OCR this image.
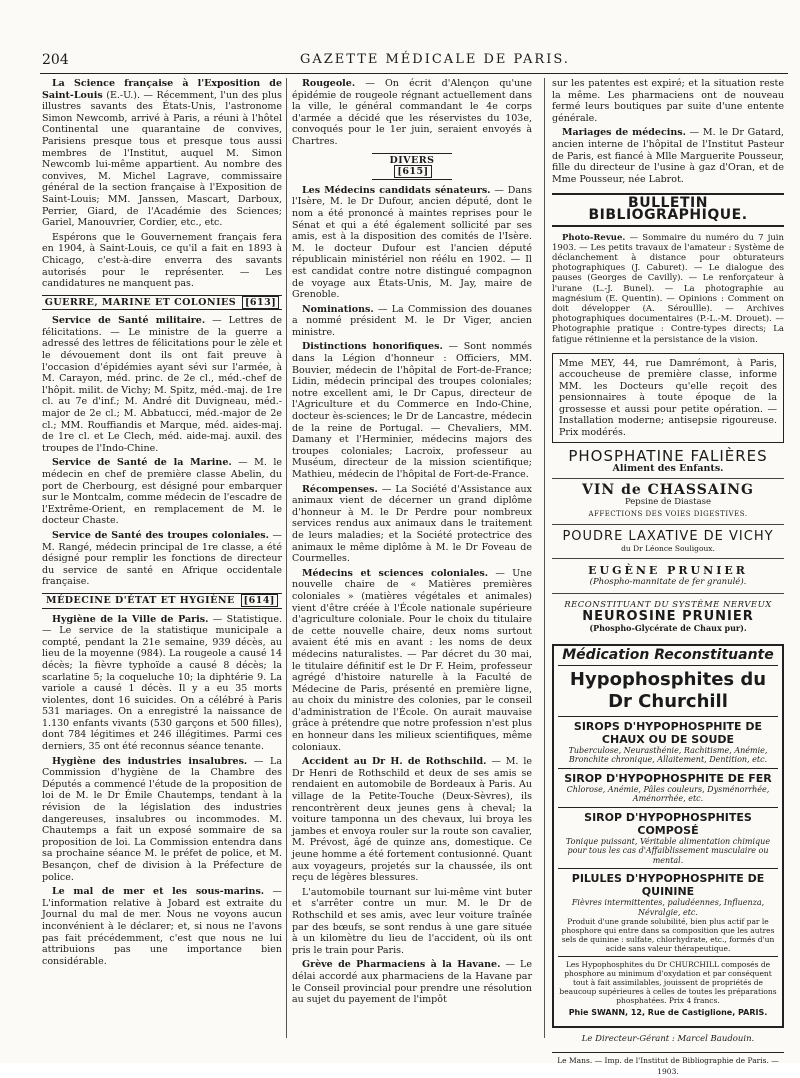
204	GAZETTE MÉDICALE DE PARIS.

La Science française à l'Exposition de Saint-Louis (E.-U.). — Récemment, l'un des plus illustres savants des États-Unis, l'astronome Simon Newcomb, arrivé à Paris, a réuni à l'hôtel Continental une quarantaine de convives, Parisiens presque tous et presque tous aussi membres de l'Institut, auquel M. Simon Newcomb lui-même appartient. Au nombre des convives, M. Michel Lagrave, commissaire général de la section française à l'Exposition de Saint-Louis; MM. Janssen, Mascart, Darboux, Perrier, Giard, de l'Académie des Sciences; Gariel, Manouvrier, Cordier, etc., etc.

Espérons que le Gouvernement français fera en 1904, à Saint-Louis, ce qu'il a fait en 1893 à Chicago, c'est-à-dire enverra des savants autorisés pour le représenter. — Les candidatures ne manquent pas.

GUERRE, MARINE ET COLONIES [613]

Service de Santé militaire. — Lettres de félicitations. — Le ministre de la guerre a adressé des lettres de félicitations pour le zèle et le dévouement dont ils ont fait preuve à l'occasion d'épidémies ayant sévi sur l'armée, à M. Carayon, méd. princ. de 2e cl., méd.-chef de l'hôpit. milit. de Vichy; M. Spitz, méd.-maj. de 1re cl. au 7e d'inf.; M. André dit Duvigneau, méd.-major de 2e cl.; M. Abbatucci, méd.-major de 2e cl.; MM. Rouffiandis et Marque, méd. aides-maj. de 1re cl. et Le Clech, méd. aide-maj. auxil. des troupes de l'Indo-Chine.

Service de Santé de la Marine. — M. le médecin en chef de première classe Abelin, du port de Cherbourg, est désigné pour embarquer sur le Montcalm, comme médecin de l'escadre de l'Extrême-Orient, en remplacement de M. le docteur Chaste.

Service de Santé des troupes coloniales. — M. Rangé, médecin principal de 1re classe, a été désigné pour remplir les fonctions de directeur du service de santé en Afrique occidentale française.

MÉDECINE D'ÉTAT ET HYGIÈNE [614]

Hygiène de la Ville de Paris. — Statistique. — Le service de la statistique municipale a compté, pendant la 21e semaine, 939 décès, au lieu de la moyenne (984). La rougeole a causé 14 décès; la fièvre typhoïde a causé 8 décès; la scarlatine 5; la coqueluche 10; la diphtérie 9. La variole a causé 1 décès. Il y a eu 35 morts violentes, dont 16 suicides. On a célébré à Paris 531 mariages. On a enregistré la naissance de 1.130 enfants vivants (530 garçons et 500 filles), dont 784 légitimes et 246 illégitimes. Parmi ces derniers, 35 ont été reconnus séance tenante.

Hygiène des industries insalubres. — La Commission d'hygiène de la Chambre des Députés a commencé l'étude de la proposition de loi de M. le Dr Émile Chautemps, tendant à la révision de la législation des industries dangereuses, insalubres ou incommodes. M. Chautemps a fait un exposé sommaire de sa proposition de loi. La Commission entendra dans sa prochaine séance M. le préfet de police, et M. Besançon, chef de division à la Préfecture de police.

Le mal de mer et les sous-marins. — L'information relative à Jobard est extraite du Journal du mal de mer. Nous ne voyons aucun inconvénient à le déclarer; et, si nous ne l'avons pas fait précédemment, c'est que nous ne lui attribuions pas une importance bien considérable.

Rougeole. — On écrit d'Alençon qu'une épidémie de rougeole régnant actuellement dans la ville, le général commandant le 4e corps d'armée a décidé que les réservistes du 103e, convoqués pour le 1er juin, seraient envoyés à Chartres.

DIVERS [615]

Les Médecins candidats sénateurs. — Dans l'Isère, M. le Dr Dufour, ancien député, dont le nom a été prononcé à maintes reprises pour le Sénat et qui a été également sollicité par ses amis, est à la disposition des comités de l'Isère. M. le docteur Dufour est l'ancien député républicain ministériel non réélu en 1902. — Il est candidat contre notre distingué compagnon de voyage aux États-Unis, M. Jay, maire de Grenoble.

Nominations. — La Commission des douanes a nommé président M. le Dr Viger, ancien ministre.

Distinctions honorifiques. — Sont nommés dans la Légion d'honneur : Officiers, MM. Bouvier, médecin de l'hôpital de Fort-de-France; Lidin, médecin principal des troupes coloniales; notre excellent ami, le Dr Capus, directeur de l'Agriculture et du Commerce en Indo-Chine, docteur ès-sciences; le Dr de Lancastre, médecin de la reine de Portugal. — Chevaliers, MM. Damany et l'Herminier, médecins majors des troupes coloniales; Lacroix, professeur au Muséum, directeur de la mission scientifique; Mathieu, médecin de l'hôpital de Fort-de-France.

Récompenses. — La Société d'Assistance aux animaux vient de décerner un grand diplôme d'honneur à M. le Dr Perdre pour nombreux services rendus aux animaux dans le traitement de leurs maladies; et la Société protectrice des animaux le même diplôme à M. le Dr Foveau de Courmelles.

Médecins et sciences coloniales. — Une nouvelle chaire de « Matières premières coloniales » (matières végétales et animales) vient d'être créée à l'École nationale supérieure d'agriculture coloniale. Pour le choix du titulaire de cette nouvelle chaire, deux noms surtout avaient été mis en avant : les noms de deux médecins naturalistes. — Par décret du 30 mai, le titulaire définitif est le Dr F. Heim, professeur agrégé d'histoire naturelle à la Faculté de Médecine de Paris, présenté en première ligne, au choix du ministre des colonies, par le conseil d'administration de l'École. On aurait mauvaise grâce à prétendre que notre profession n'est plus en honneur dans les milieux scientifiques, même coloniaux.

Accident au Dr H. de Rothschild. — M. le Dr Henri de Rothschild et deux de ses amis se rendaient en automobile de Bordeaux à Paris. Au village de la Petite-Touche (Deux-Sèvres), ils rencontrèrent deux jeunes gens à cheval; la voiture tamponna un des chevaux, lui broya les jambes et envoya rouler sur la route son cavalier, M. Prévost, âgé de quinze ans, domestique. Ce jeune homme a été fortement contusionné. Quant aux voyageurs, projetés sur la chaussée, ils ont reçu de légères blessures.

L'automobile tournant sur lui-même vint buter et s'arrêter contre un mur. M. le Dr de Rothschild et ses amis, avec leur voiture traînée par des bœufs, se sont rendus à une gare située à un kilomètre du lieu de l'accident, où ils ont pris le train pour Paris.

Grève de Pharmaciens à la Havane. — Le délai accordé aux pharmaciens de la Havane par le Conseil provincial pour prendre une résolution au sujet du payement de l'impôt

sur les patentes est expiré; et la situation reste la même. Les pharmaciens ont de nouveau fermé leurs boutiques par suite d'une entente générale.

Mariages de médecins. — M. le Dr Gatard, ancien interne de l'hôpital de l'Institut Pasteur de Paris, est fiancé à Mlle Marguerite Pousseur, fille du directeur de l'usine à gaz d'Oran, et de Mme Pousseur, née Labrot.

BULLETIN BIBLIOGRAPHIQUE.

Photo-Revue. — Sommaire du numéro du 7 juin 1903. — Les petits travaux de l'amateur : Système de déclanchement à distance pour obturateurs photographiques (J. Caburet). — Le dialogue des pauses (Georges de Cavilly). — Le renforçateur à l'urane (L.-J. Bunel). — La photographie au magnésium (E. Quentin). — Opinions : Comment on doit développer (A. Séroullle). — Archives photographiques documentaires (P.-L.-M. Drouet). — Photographie pratique : Contre-types directs; La fatigue rétinienne et la persistance de la vision.

Mme MEY, 44, rue Damrémont, à Paris, accoucheuse de première classe, informe MM. les Docteurs qu'elle reçoit des pensionnaires à toute époque de la grossesse et aussi pour petite opération. — Installation moderne; antisepsie rigoureuse. Prix modérés.
PHOSPHATINE FALIÈRES
Aliment des Enfants.
VIN de CHASSAING
Pepsine de Diastase
AFFECTIONS DES VOIES DIGESTIVES.
POUDRE LAXATIVE DE VICHY
du Dr Léonce Souligoux.
EUGÈNE PRUNIER
(Phospho-mannitate de fer granulé).
RECONSTITUANT DU SYSTÈME NERVEUX
NEUROSINE PRUNIER
(Phospho-Glycérate de Chaux pur).
Médication Reconstituante
Hypophosphites du Dr Churchill
SIROPS D'HYPOPHOSPHITE DE CHAUX OU DE SOUDE
Tuberculose, Neurasthénie, Rachitisme, Anémie, Bronchite chronique, Allaitement, Dentition, etc.
SIROP D'HYPOPHOSPHITE DE FER
Chlorose, Anémie, Pâles couleurs, Dysménorrhée, Aménorrhée, etc.
SIROP D'HYPOPHOSPHITES COMPOSÉ
Tonique puissant, Véritable alimentation chimique pour tous les cas d'Affaiblissement musculaire ou mental.
PILULES D'HYPOPHOSPHITE DE QUININE
Fièvres intermittentes, paludéennes, Influenza, Névralgie, etc.
Produit d'une grande solubilité, bien plus actif par le phosphore qui entre dans sa composition que les autres sels de quinine : sulfate, chlorhydrate, etc., formés d'un acide sans valeur thérapeutique.
Les Hypophosphites du Dr CHURCHILL composés de phosphore au minimum d'oxydation et par conséquent tout à fait assimilables, jouissent de propriétés de beaucoup supérieures à celles de toutes les préparations phosphatées. Prix 4 francs.
Phie SWANN, 12, Rue de Castiglione, PARIS.
Le Directeur-Gérant : Marcel Baudouin.
Le Mans. — Imp. de l'Institut de Bibliographie de Paris. — 1903.
